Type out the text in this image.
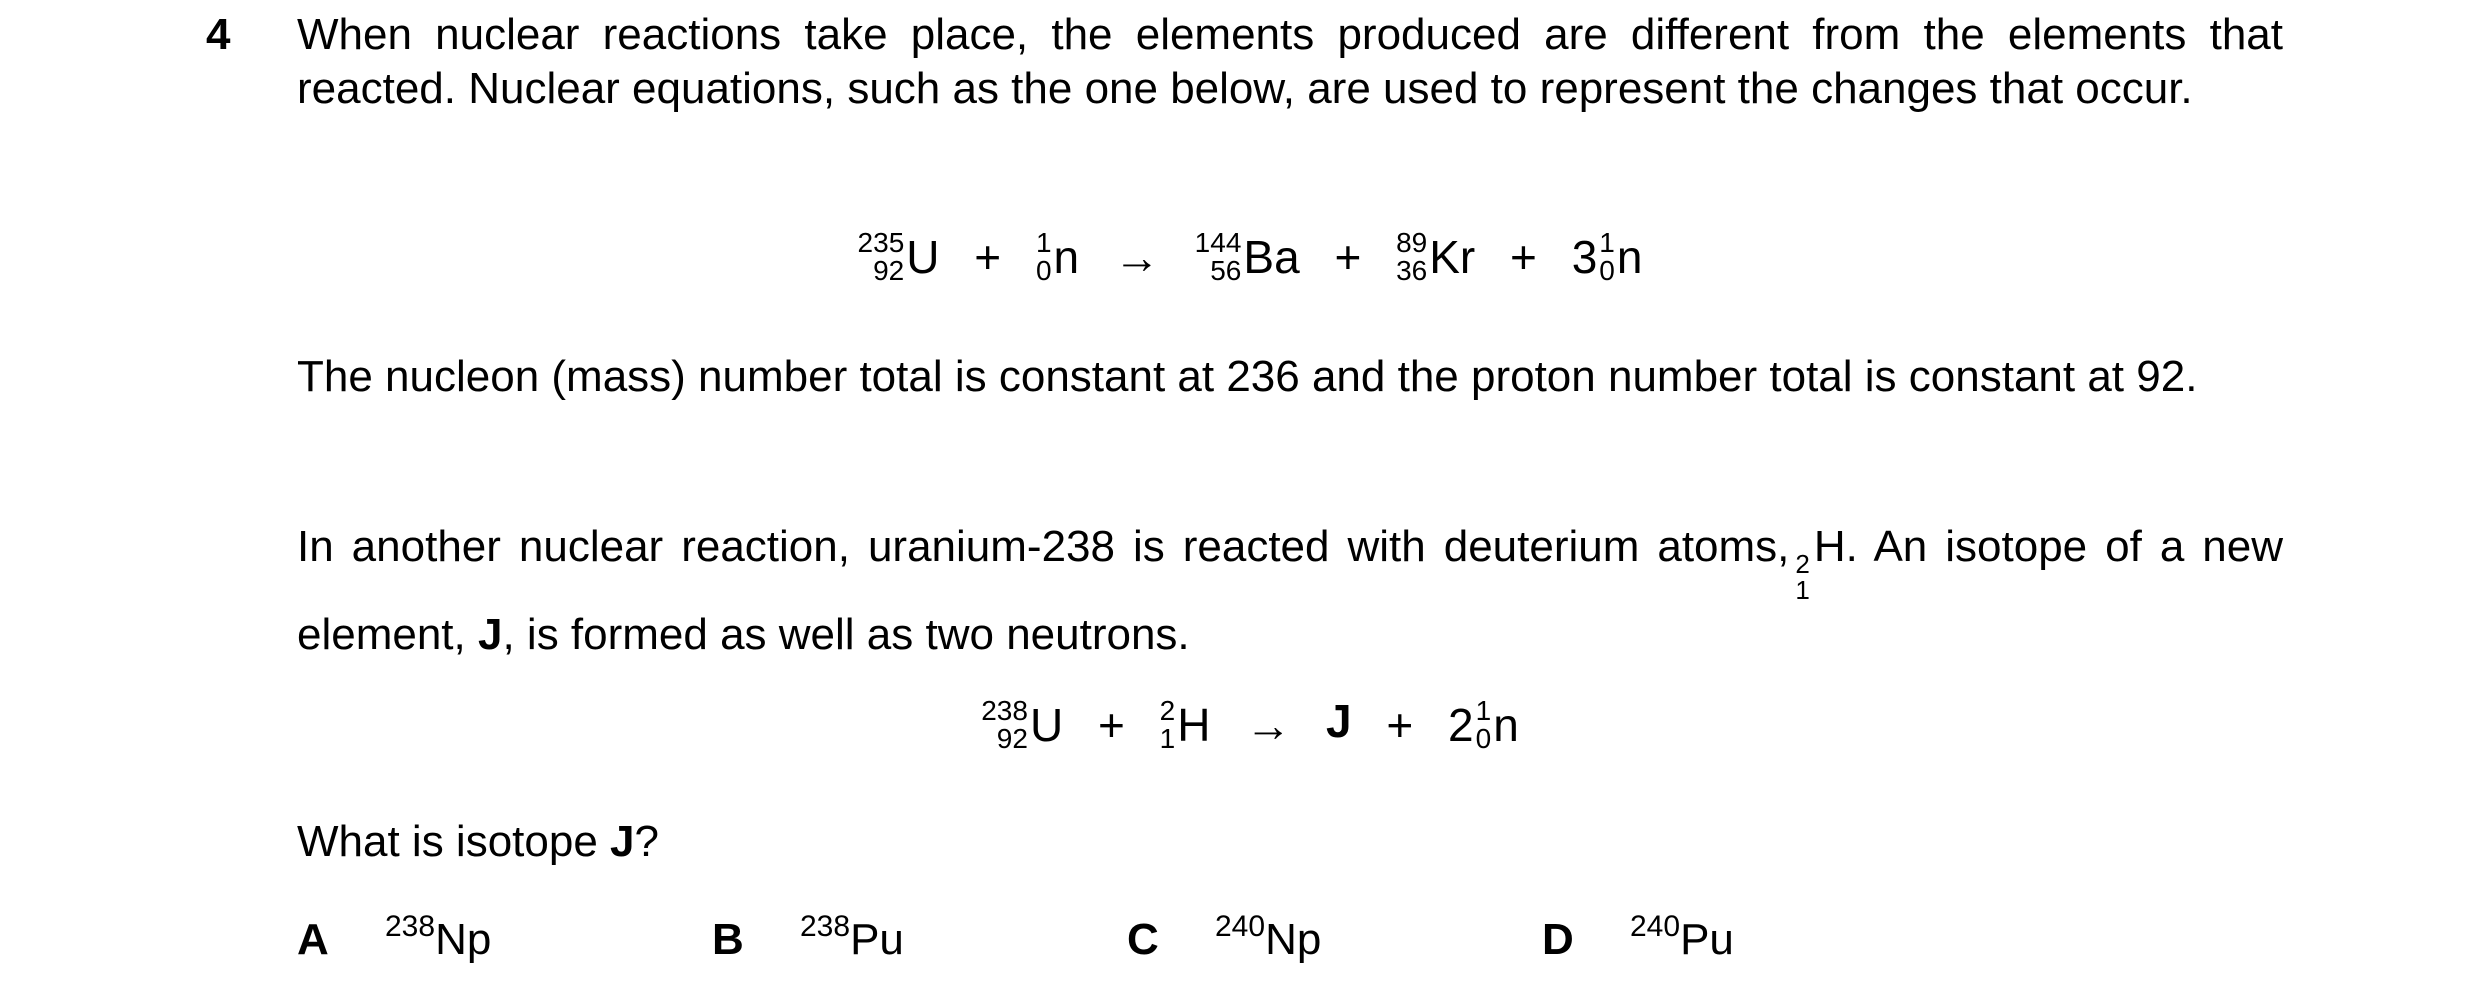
4 When nuclear reactions take place, the elements produced are different from the elements that reacted. Nuclear equations, such as the one below, are used to represent the changes that occur.

235
92 U + 1
0 n → 144
56 Ba + 89
36 Kr + 3 1
0 n

The nucleon (mass) number total is constant at 236 and the proton number total is constant at 92.

In another nuclear reaction, uranium-238 is reacted with deuterium atoms, 2
1
H. An isotope of a new element, J, is formed as well as two neutrons.

238
92 U + 2
1 H → J + 2 1
0 n
What is isotope J?
A $^{238}$Np	B $^{238}$Pu	C $^{240}$Np	D $^{240}$Pu
